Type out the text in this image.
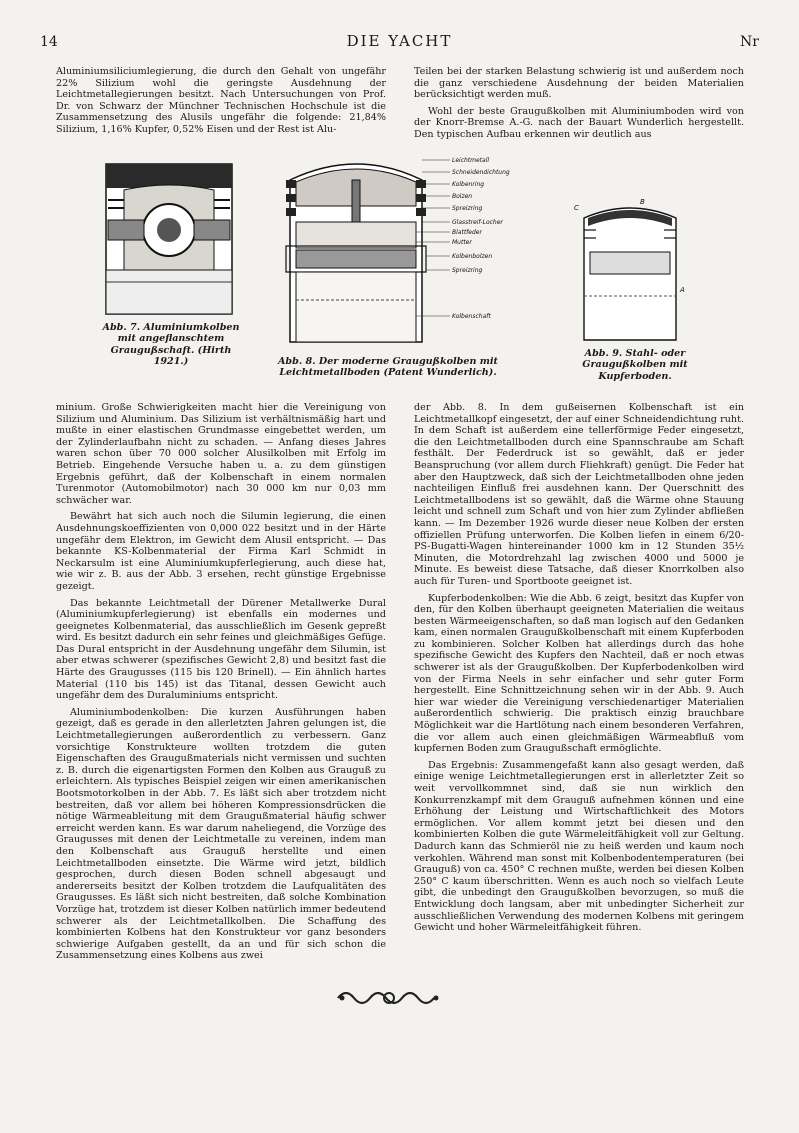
14	DIE YACHT	Nr

Aluminiumsiliciumlegierung, die durch den Gehalt von ungefähr 22% Silizium wohl die geringste Ausdehnung der Leichtmetallegierungen besitzt. Nach Untersuchungen von Prof. Dr. von Schwarz der Münchner Technischen Hochschule ist die Zusammensetzung des Alusils ungefähr die folgende: 21,84% Silizium, 1,16% Kupfer, 0,52% Eisen und der Rest ist Alu-

Teilen bei der starken Belastung schwierig ist und außerdem noch die ganz verschiedene Ausdehnung der beiden Materialien berücksichtigt werden muß.

Wohl der beste Graugußkolben mit Aluminiumboden wird von der Knorr-Bremse A.-G. nach der Bauart Wunderlich hergestellt. Den typischen Aufbau erkennen wir deutlich aus

Abb. 7. Aluminiumkolben mit angeflanschtem Graugußschaft. (Hirth 1921.)
Leichtmetall
Schneidendichtung
Kolbenring
Bolzen
Spreizring
Glasstreif-Locher
Blattfeder
Mutter
Kolbenbolzen
Spreizring
Kolbenschaft
Abb. 8. Der moderne Graugußkolben mit Leichtmetallboden (Patent Wunderlich).
C
B
A
Abb. 9. Stahl- oder Graugußkolben mit Kupferboden.

minium. Große Schwierigkeiten macht hier die Vereinigung von Silizium und Aluminium. Das Silizium ist verhältnismäßig hart und mußte in einer elastischen Grundmasse eingebettet werden, um der Zylinderlaufbahn nicht zu schaden. — Anfang dieses Jahres waren schon über 70 000 solcher Alusilkolben mit Erfolg im Betrieb. Eingehende Versuche haben u. a. zu dem günstigen Ergebnis geführt, daß der Kolbenschaft in einem normalen Turenmotor (Automobilmotor) nach 30 000 km nur 0,03 mm schwächer war.

Bewährt hat sich auch noch die Silumin legierung, die einen Ausdehnungskoeffizienten von 0,000 022 besitzt und in der Härte ungefähr dem Elektron, im Gewicht dem Alusil entspricht. — Das bekannte KS-Kolbenmaterial der Firma Karl Schmidt in Neckarsulm ist eine Aluminiumkupferlegierung, auch diese hat, wie wir z. B. aus der Abb. 3 ersehen, recht günstige Ergebnisse gezeigt.

Das bekannte Leichtmetall der Dürener Metallwerke Dural (Aluminiumkupferlegierung) ist ebenfalls ein modernes und geeignetes Kolbenmaterial, das ausschließlich im Gesenk gepreßt wird. Es besitzt dadurch ein sehr feines und gleichmäßiges Gefüge. Das Dural entspricht in der Ausdehnung ungefähr dem Silumin, ist aber etwas schwerer (spezifisches Gewicht 2,8) und besitzt fast die Härte des Graugusses (115 bis 120 Brinell). — Ein ähnlich hartes Material (110 bis 145) ist das Titanal, dessen Gewicht auch ungefähr dem des Duraluminiums entspricht.

Aluminiumbodenkolben: Die kurzen Ausführungen haben gezeigt, daß es gerade in den allerletzten Jahren gelungen ist, die Leichtmetallegierungen außerordentlich zu verbessern. Ganz vorsichtige Konstrukteure wollten trotzdem die guten Eigenschaften des Graugußmaterials nicht vermissen und suchten z. B. durch die eigenartigsten Formen den Kolben aus Grauguß zu erleichtern. Als typisches Beispiel zeigen wir einen amerikanischen Bootsmotorkolben in der Abb. 7. Es läßt sich aber trotzdem nicht bestreiten, daß vor allem bei höheren Kompressionsdrücken die nötige Wärmeableitung mit dem Graugußmaterial häufig schwer erreicht werden kann. Es war darum naheliegend, die Vorzüge des Graugusses mit denen der Leichtmetalle zu vereinen, indem man den Kolbenschaft aus Grauguß herstellte und einen Leichtmetallboden einsetzte. Die Wärme wird jetzt, bildlich gesprochen, durch diesen Boden schnell abgesaugt und andererseits besitzt der Kolben trotzdem die Laufqualitäten des Graugusses. Es läßt sich nicht bestreiten, daß solche Kombination Vorzüge hat, trotzdem ist dieser Kolben natürlich immer bedeutend schwerer als der Leichtmetallkolben. Die Schaffung des kombinierten Kolbens hat den Konstrukteur vor ganz besonders schwierige Aufgaben gestellt, da an und für sich schon die Zusammensetzung eines Kolbens aus zwei

der Abb. 8. In dem gußeisernen Kolbenschaft ist ein Leichtmetallkopf eingesetzt, der auf einer Schneidendichtung ruht. In dem Schaft ist außerdem eine tellerförmige Feder eingesetzt, die den Leichtmetallboden durch eine Spannschraube am Schaft festhält. Der Federdruck ist so gewählt, daß er jeder Beanspruchung (vor allem durch Fliehkraft) genügt. Die Feder hat aber den Hauptzweck, daß sich der Leichtmetallboden ohne jeden nachteiligen Einfluß frei ausdehnen kann. Der Querschnitt des Leichtmetallbodens ist so gewählt, daß die Wärme ohne Stauung leicht und schnell zum Schaft und von hier zum Zylinder abfließen kann. — Im Dezember 1926 wurde dieser neue Kolben der ersten offiziellen Prüfung unterworfen. Die Kolben liefen in einem 6/20-PS-Bugatti-Wagen hintereinander 1000 km in 12 Stunden 35½ Minuten, die Motordrehzahl lag zwischen 4000 und 5000 je Minute. Es beweist diese Tatsache, daß dieser Knorrkolben also auch für Turen- und Sportboote geeignet ist.

Kupferbodenkolben: Wie die Abb. 6 zeigt, besitzt das Kupfer von den, für den Kolben überhaupt geeigneten Materialien die weitaus besten Wärmeeigenschaften, so daß man logisch auf den Gedanken kam, einen normalen Graugußkolbenschaft mit einem Kupferboden zu kombinieren. Solcher Kolben hat allerdings durch das hohe spezifische Gewicht des Kupfers den Nachteil, daß er noch etwas schwerer ist als der Graugußkolben. Der Kupferbodenkolben wird von der Firma Neels in sehr einfacher und sehr guter Form hergestellt. Eine Schnittzeichnung sehen wir in der Abb. 9. Auch hier war wieder die Vereinigung verschiedenartiger Materialien außerordentlich schwierig. Die praktisch einzig brauchbare Möglichkeit war die Hartlötung nach einem besonderen Verfahren, die vor allem auch einen gleichmäßigen Wärmeabfluß vom kupfernen Boden zum Graugußschaft ermöglichte.

Das Ergebnis: Zusammengefaßt kann also gesagt werden, daß einige wenige Leichtmetallegierungen erst in allerletzter Zeit so weit vervollkommnet sind, daß sie nun wirklich den Konkurrenzkampf mit dem Grauguß aufnehmen können und eine Erhöhung der Leistung und Wirtschaftlichkeit des Motors ermöglichen. Vor allem kommt jetzt bei diesen und den kombinierten Kolben die gute Wärmeleitfähigkeit voll zur Geltung. Dadurch kann das Schmieröl nie zu heiß werden und kaum noch verkohlen. Während man sonst mit Kolbenbodentemperaturen (bei Grauguß) von ca. 450° C rechnen mußte, werden bei diesen Kolben 250° C kaum überschritten. Wenn es auch noch so vielfach Leute gibt, die unbedingt den Graugußkolben bevorzugen, so muß die Entwicklung doch langsam, aber mit unbedingter Sicherheit zur ausschließlichen Verwendung des modernen Kolbens mit geringem Gewicht und hoher Wärmeleitfähigkeit führen.
